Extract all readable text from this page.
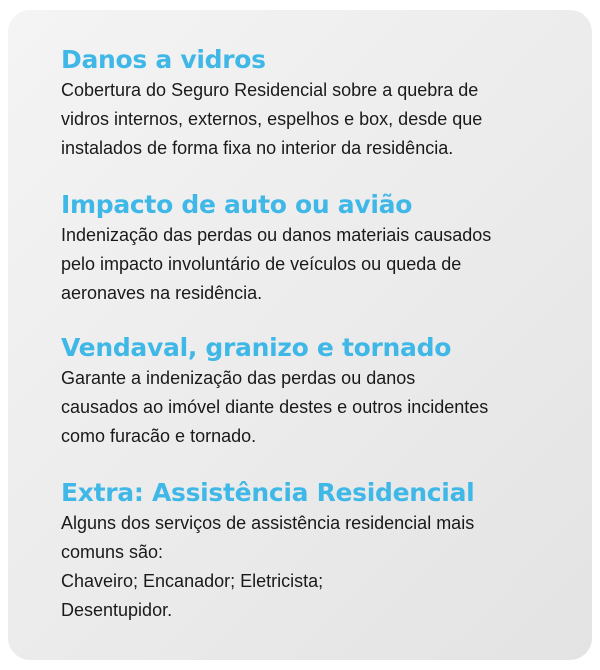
Danos a vidros

Cobertura do Seguro Residencial sobre a quebra de
vidros internos, externos, espelhos e box, desde que
instalados de forma fixa no interior da residência.

Impacto de auto ou avião

Indenização das perdas ou danos materiais causados
pelo impacto involuntário de veículos ou queda de
aeronaves na residência.

Vendaval, granizo e tornado

Garante a indenização das perdas ou danos
causados ao imóvel diante destes e outros incidentes
como furacão e tornado.

Extra: Assistência Residencial

Alguns dos serviços de assistência residencial mais
comuns são:
Chaveiro; Encanador; Eletricista;
Desentupidor.
